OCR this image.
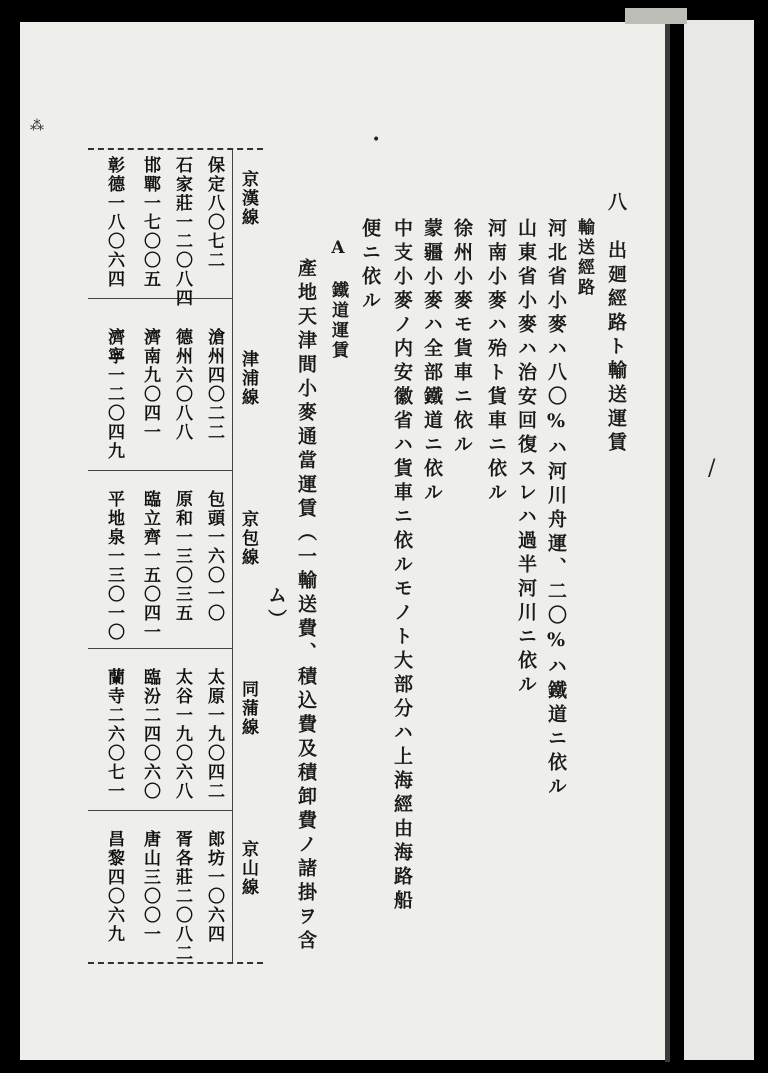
八　出廻經路ト輸送運賃
輸送經路
河北省小麥ハ八〇%ハ河川舟運、二〇%ハ鐵道ニ依ル
山東省小麥ハ治安回復スレハ過半河川ニ依ル
河南小麥ハ殆ト貨車ニ依ル
徐州小麥モ貨車ニ依ル
蒙疆小麥ハ全部鐵道ニ依ル
中支小麥ノ内安徽省ハ貨車ニ依ルモノト大部分ハ上海經由海路船
便ニ依ル
A　鐵道運賃
產地天津間小麥通當運賃（一輸送費、積込費及積卸費ノ諸掛ヲ含
ム）
京漢線
津浦線
京包線
同蒲線
京山線
保定八〇七二
滄州四〇二二
包頭一六〇一〇
太原一九〇四二
郎坊一〇六四
石家莊一二〇八四
德州六〇八八
原和一三〇三五
太谷一九〇六八
胥各莊二〇八二
邯鄲一七〇〇五
濟南九〇四一
臨立齊一五〇四一
臨汾二四〇六〇
唐山三〇〇一
彰德一八〇六四
濟寧一二〇四九
平地泉一三〇一〇
蘭寺二六〇七一
昌黎四〇六九
⁂
•
/
